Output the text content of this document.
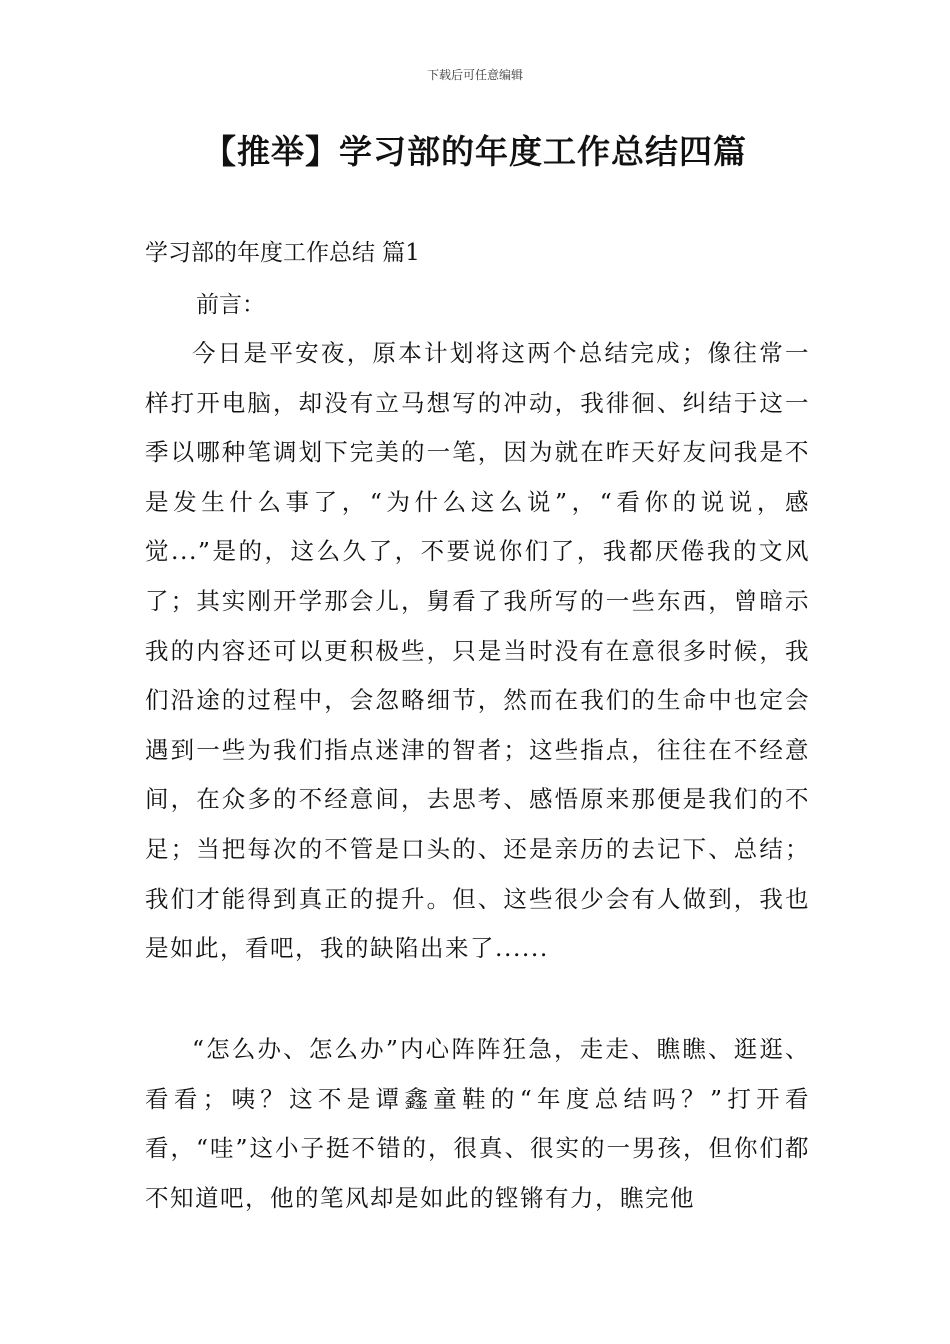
下载后可任意编辑
【推举】学习部的年度工作总结四篇
学习部的年度工作总结 篇1
前言：

今日是平安夜，原本计划将这两个总结完成；像往常一样打开电脑，却没有立马想写的冲动，我徘徊、纠结于这一季以哪种笔调划下完美的一笔，因为就在昨天好友问我是不是发生什么事了，“为什么这么说”，“看你的说说，感觉...”是的，这么久了，不要说你们了，我都厌倦我的文风了；其实刚开学那会儿，舅看了我所写的一些东西，曾暗示我的内容还可以更积极些，只是当时没有在意很多时候，我们沿途的过程中，会忽略细节，然而在我们的生命中也定会遇到一些为我们指点迷津的智者；这些指点，往往在不经意间，在众多的不经意间，去思考、感悟原来那便是我们的不足；当把每次的不管是口头的、还是亲历的去记下、总结；我们才能得到真正的提升。但、这些很少会有人做到，我也是如此，看吧，我的缺陷出来了......

“怎么办、怎么办”内心阵阵狂急，走走、瞧瞧、逛逛、看看；咦？这不是谭鑫童鞋的“年度总结吗？”打开看看，“哇”这小子挺不错的，很真、很实的一男孩，但你们都不知道吧，他的笔风却是如此的铿锵有力，瞧完他
